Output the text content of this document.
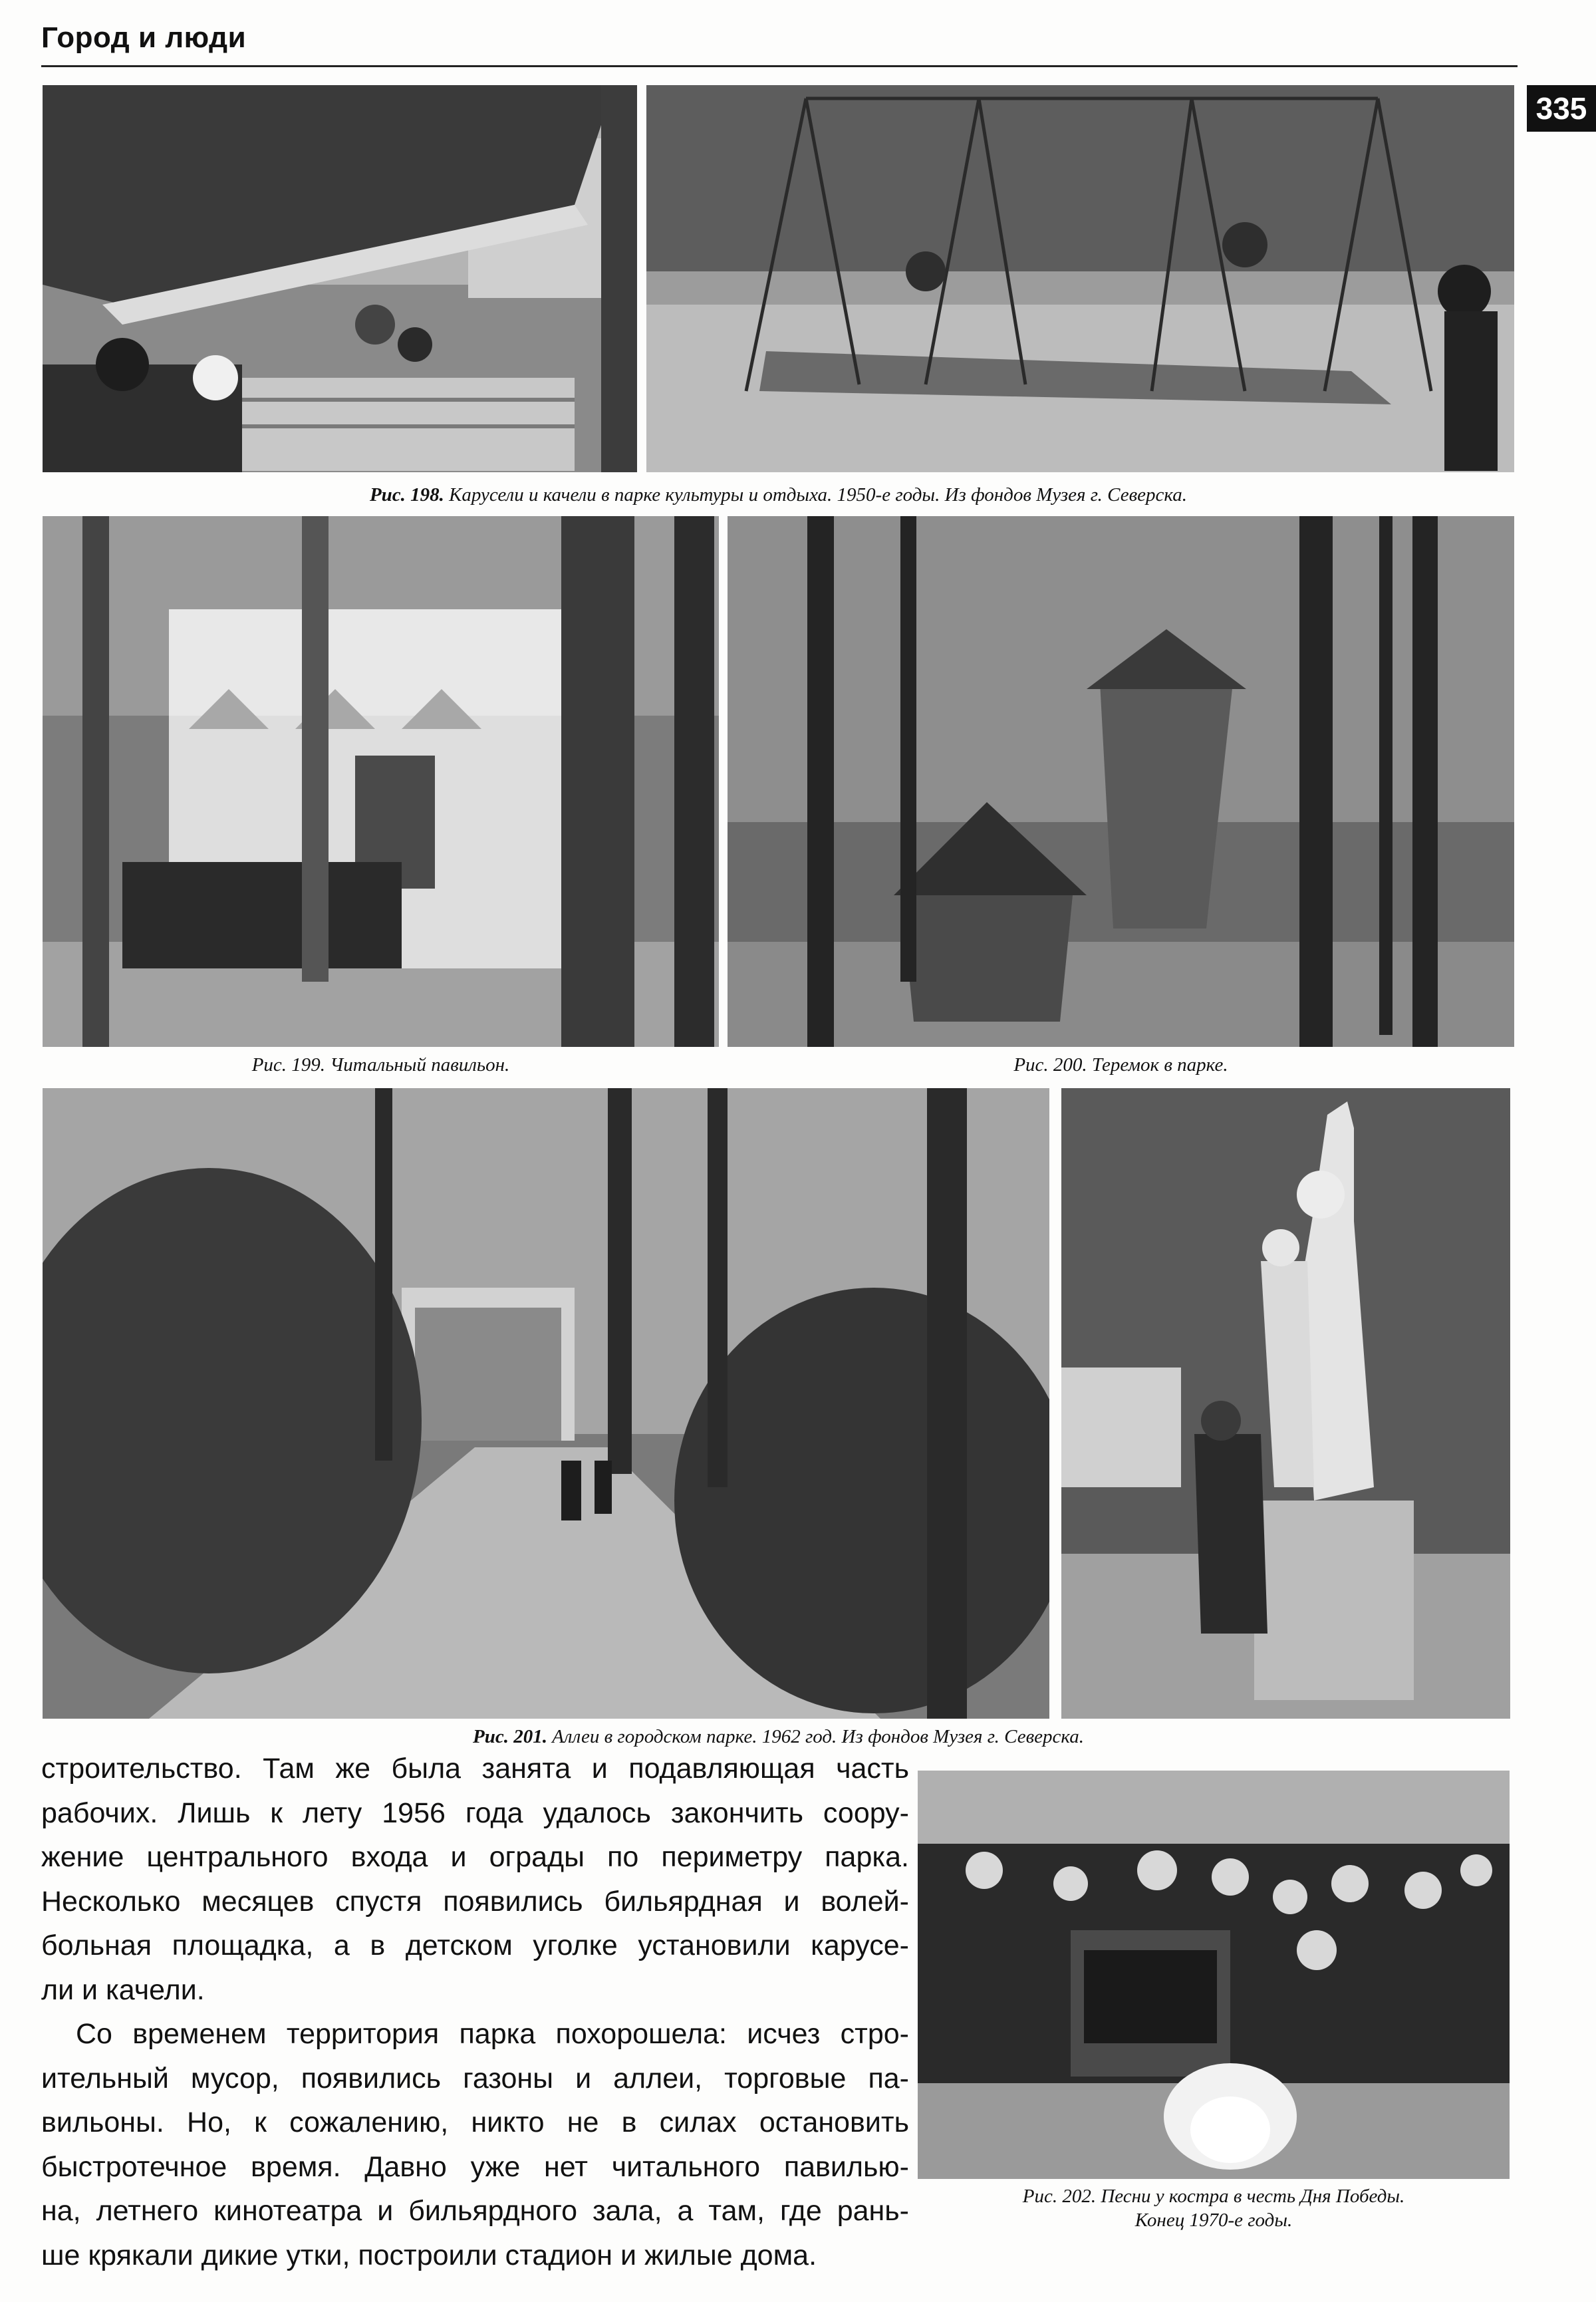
Город и люди
335
Рис. 198. Карусели и качели в парке культуры и отдыха. 1950-е годы. Из фондов Музея г. Северска.
Рис. 199. Читальный павильон.	Рис. 200. Теремок в парке.
Рис. 201. Аллеи в городском парке. 1962 год. Из фондов Музея г. Северска.
Рис. 202. Песни у костра в честь Дня Победы.
Конец 1970-е годы.

строительство. Там же была занята и подавляющая часть
рабочих. Лишь к лету 1956 года удалось закончить соору-
жение центрального входа и ограды по периметру парка.
Несколько месяцев спустя появились бильярдная и волей-
больная площадка, а в детском уголке установили карусе-
ли и качели.

Со временем территория парка похорошела: исчез стро-
ительный мусор, появились газоны и аллеи, торговые па-
вильоны. Но, к сожалению, никто не в силах остановить
быстротечное время. Давно уже нет читального павилью-
на, летнего кинотеатра и бильярдного зала, а там, где рань-
ше крякали дикие утки, построили стадион и жилые дома.
